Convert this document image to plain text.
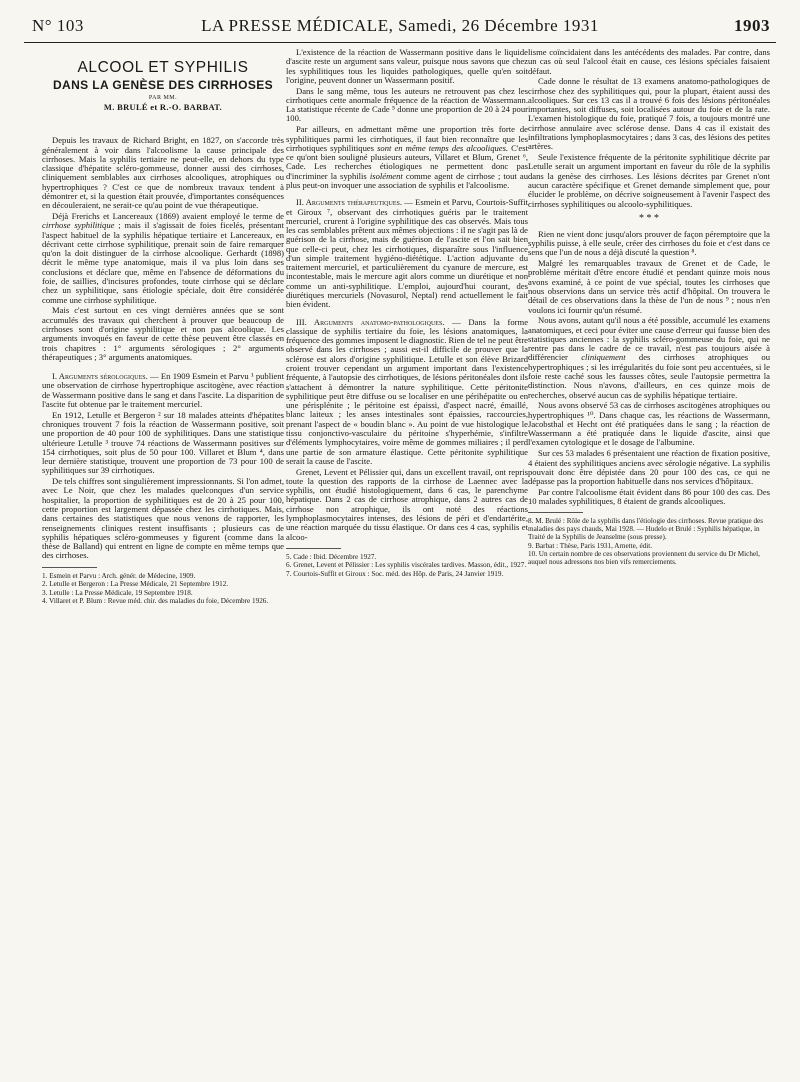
N° 103	LA PRESSE MÉDICALE, Samedi, 26 Décembre 1931	1903
ALCOOL ET SYPHILIS
DANS LA GENÈSE DES CIRRHOSES
PAR MM.
M. BRULÉ et R.-O. BARBAT.

Depuis les travaux de Richard Bright, en 1827, on s'accorde très généralement à voir dans l'alcoolisme la cause principale des cirrhoses. Mais la syphilis tertiaire ne peut-elle, en dehors du type classique d'hépatite scléro-gommeuse, donner aussi des cirrhoses, cliniquement semblables aux cirrhoses alcooliques, atrophiques ou hypertrophiques ? C'est ce que de nombreux travaux tendent à démontrer et, si la question était prouvée, d'importantes conséquences en découleraient, ne serait-ce qu'au point de vue thérapeutique.

Déjà Frerichs et Lancereaux (1869) avaient employé le terme de cirrhose syphilitique ; mais il s'agissait de foies ficelés, présentant l'aspect habituel de la syphilis hépatique tertiaire et Lancereaux, en décrivant cette cirrhose syphilitique, prenait soin de faire remarquer qu'on la doit distinguer de la cirrhose alcoolique. Gerhardt (1898) décrit le même type anatomique, mais il va plus loin dans ses conclusions et déclare que, même en l'absence de déformations du foie, de saillies, d'incisures profondes, toute cirrhose qui se déclare chez un syphilitique, sans étiologie spéciale, doit être considérée comme une cirrhose syphilitique.

Mais c'est surtout en ces vingt dernières années que se sont accumulés des travaux qui cherchent à prouver que beaucoup de cirrhoses sont d'origine syphilitique et non pas alcoolique. Les arguments invoqués en faveur de cette thèse peuvent être classés en trois chapitres : 1° arguments sérologiques ; 2° arguments thérapeutiques ; 3° arguments anatomiques.

I. Arguments sérologiques. — En 1909 Esmein et Parvu ¹ publient une observation de cirrhose hypertrophique ascitogène, avec réaction de Wassermann positive dans le sang et dans l'ascite. La disparition de l'ascite fut obtenue par le traitement mercuriel.

En 1912, Letulle et Bergeron ² sur 18 malades atteints d'hépatites chroniques trouvent 7 fois la réaction de Wassermann positive, soit une proportion de 40 pour 100 de syphilitiques. Dans une statistique ultérieure Letulle ³ trouve 74 réactions de Wassermann positives sur 154 cirrhotiques, soit plus de 50 pour 100. Villaret et Blum ⁴, dans leur dernière statistique, trouvent une proportion de 73 pour 100 de syphilitiques sur 39 cirrhotiques.

De tels chiffres sont singulièrement impressionnants. Si l'on admet, avec Le Noir, que chez les malades quelconques d'un service hospitalier, la proportion de syphilitiques est de 20 à 25 pour 100, cette proportion est largement dépassée chez les cirrhotiques. Mais, dans certaines des statistiques que nous venons de rapporter, les renseignements cliniques restent insuffisants ; plusieurs cas de syphilis hépatiques scléro-gommeuses y figurent (comme dans la thèse de Balland) qui entrent en ligne de compte en même temps que des cirrhoses.

1. Esmein et Parvu : Arch. génér. de Médecine, 1909.
2. Letulle et Bergeron : La Presse Médicale, 21 Septembre 1912.
3. Letulle : La Presse Médicale, 19 Septembre 1918.
4. Villaret et P. Blum : Revue méd. chir. des maladies du foie, Décembre 1926.

L'existence de la réaction de Wassermann positive dans le liquide d'ascite reste un argument sans valeur, puisque nous savons que chez les syphilitiques tous les liquides pathologiques, quelle qu'en soit l'origine, peuvent donner un Wassermann positif.

Dans le sang même, tous les auteurs ne retrouvent pas chez les cirrhotiques cette anormale fréquence de la réaction de Wassermann. La statistique récente de Cade ⁵ donne une proportion de 20 à 24 pour 100.

Par ailleurs, en admettant même une proportion très forte de syphilitiques parmi les cirrhotiques, il faut bien reconnaître que les cirrhotiques syphilitiques sont en même temps des alcooliques. C'est ce qu'ont bien souligné plusieurs auteurs, Villaret et Blum, Grenet ⁶, Cade. Les recherches étiologiques ne permettent donc pas d'incriminer la syphilis isolément comme agent de cirrhose ; tout au plus peut-on invoquer une association de syphilis et l'alcoolisme.

II. Arguments thérapeutiques. — Esmein et Parvu, Courtois-Suffit et Giroux ⁷, observant des cirrhotiques guéris par le traitement mercuriel, crurent à l'origine syphilitique des cas observés. Mais tous les cas semblables prêtent aux mêmes objections : il ne s'agit pas là de guérison de la cirrhose, mais de guérison de l'ascite et l'on sait bien que celle-ci peut, chez les cirrhotiques, disparaître sous l'influence d'un simple traitement hygiéno-diététique. L'action adjuvante du traitement mercuriel, et particulièrement du cyanure de mercure, est incontestable, mais le mercure agit alors comme un diurétique et non comme un anti-syphilitique. L'emploi, aujourd'hui courant, des diurétiques mercuriels (Novasurol, Neptal) rend actuellement le fait bien évident.

III. Arguments anatomo-pathologiques. — Dans la forme classique de syphilis tertiaire du foie, les lésions anatomiques, la fréquence des gommes imposent le diagnostic. Rien de tel ne peut être observé dans les cirrhoses ; aussi est-il difficile de prouver que la sclérose est alors d'origine syphilitique. Letulle et son élève Brizard croient trouver cependant un argument important dans l'existence fréquente, à l'autopsie des cirrhotiques, de lésions péritonéales dont ils s'attachent à démontrer la nature syphilitique. Cette péritonite syphilitique peut être diffuse ou se localiser en une périhépatite ou en une périsplénite ; le péritoine est épaissi, d'aspect nacré, émaillé, blanc laiteux ; les anses intestinales sont épaissies, raccourcies, prenant l'aspect de « boudin blanc ». Au point de vue histologique le tissu conjonctivo-vasculaire du péritoine s'hyperhémie, s'infiltre d'éléments lymphocytaires, voire même de gommes miliaires ; il perd une partie de son armature élastique. Cette péritonite syphilitique serait la cause de l'ascite.

Grenet, Levent et Pélissier qui, dans un excellent travail, ont repris toute la question des rapports de la cirrhose de Laennec avec la syphilis, ont étudié histologiquement, dans 6 cas, le parenchyme hépatique. Dans 2 cas de cirrhose atrophique, dans 2 autres cas de cirrhose non atrophique, ils ont noté des réactions lymphoplasmocytaires intenses, des lésions de péri et d'endartérite, une réaction marquée du tissu élastique. Or dans ces 4 cas, syphilis et alcoo-

5. Cade : Ibid. Décembre 1927.
6. Grenet, Levent et Pélissier : Les syphilis viscérales tardives. Masson, édit., 1927.
7. Courtois-Suffit et Giroux : Soc. méd. des Hôp. de Paris, 24 Janvier 1919.

lisme coïncidaient dans les antécédents des malades. Par contre, dans un cas où seul l'alcool était en cause, ces lésions spéciales faisaient défaut.

Cade donne le résultat de 13 examens anatomo-pathologiques de cirrhose chez des syphilitiques qui, pour la plupart, étaient aussi des alcooliques. Sur ces 13 cas il a trouvé 6 fois des lésions péritonéales importantes, soit diffuses, soit localisées autour du foie et de la rate. L'examen histologique du foie, pratiqué 7 fois, a toujours montré une cirrhose annulaire avec sclérose dense. Dans 4 cas il existait des infiltrations lymphoplasmocytaires ; dans 3 cas, des lésions des petites artères.

Seule l'existence fréquente de la péritonite syphilitique décrite par Letulle serait un argument important en faveur du rôle de la syphilis dans la genèse des cirrhoses. Les lésions décrites par Grenet n'ont aucun caractère spécifique et Grenet demande simplement que, pour élucider le problème, on décrive soigneusement à l'avenir l'aspect des cirrhoses syphilitiques ou alcoolo-syphilitiques.

* * *

Rien ne vient donc jusqu'alors prouver de façon péremptoire que la syphilis puisse, à elle seule, créer des cirrhoses du foie et c'est dans ce sens que l'un de nous a déjà discuté la question ⁸.

Malgré les remarquables travaux de Grenet et de Cade, le problème méritait d'être encore étudié et pendant quinze mois nous avons examiné, à ce point de vue spécial, toutes les cirrhoses que nous observions dans un service très actif d'hôpital. On trouvera le détail de ces observations dans la thèse de l'un de nous ⁹ ; nous n'en voulons ici fournir qu'un résumé.

Nous avons, autant qu'il nous a été possible, accumulé les examens anatomiques, et ceci pour éviter une cause d'erreur qui fausse bien des statistiques anciennes : la syphilis scléro-gommeuse du foie, qui ne rentre pas dans le cadre de ce travail, n'est pas toujours aisée à différencier cliniquement des cirrhoses atrophiques ou hypertrophiques ; si les irrégularités du foie sont peu accentuées, si le foie reste caché sous les fausses côtes, seule l'autopsie permettra la distinction. Nous n'avons, d'ailleurs, en ces quinze mois de recherches, observé aucun cas de syphilis hépatique tertiaire.

Nous avons observé 53 cas de cirrhoses ascitogènes atrophiques ou hypertrophiques ¹⁰. Dans chaque cas, les réactions de Wassermann, Jacobsthal et Hecht ont été pratiquées dans le sang ; la réaction de Wassermann a été pratiquée dans le liquide d'ascite, ainsi que l'examen cytologique et le dosage de l'albumine.

Sur ces 53 malades 6 présentaient une réaction de fixation positive, 4 étaient des syphilitiques anciens avec sérologie négative. La syphilis pouvait donc être dépistée dans 20 pour 100 des cas, ce qui ne dépasse pas la proportion habituelle dans nos services d'hôpitaux.

Par contre l'alcoolisme était évident dans 86 pour 100 des cas. Des 10 malades syphilitiques, 8 étaient de grands alcooliques.

8. M. Brulé : Rôle de la syphilis dans l'étiologie des cirrhoses. Revue pratique des maladies des pays chauds, Mai 1928. — Hudelo et Brulé : Syphilis hépatique, in Traité de la Syphilis de Jeanselme (sous presse).
9. Barbat : Thèse, Paris 1931, Arnette, édit.
10. Un certain nombre de ces observations proviennent du service du Dr Michel, auquel nous adressons nos bien vifs remerciements.
